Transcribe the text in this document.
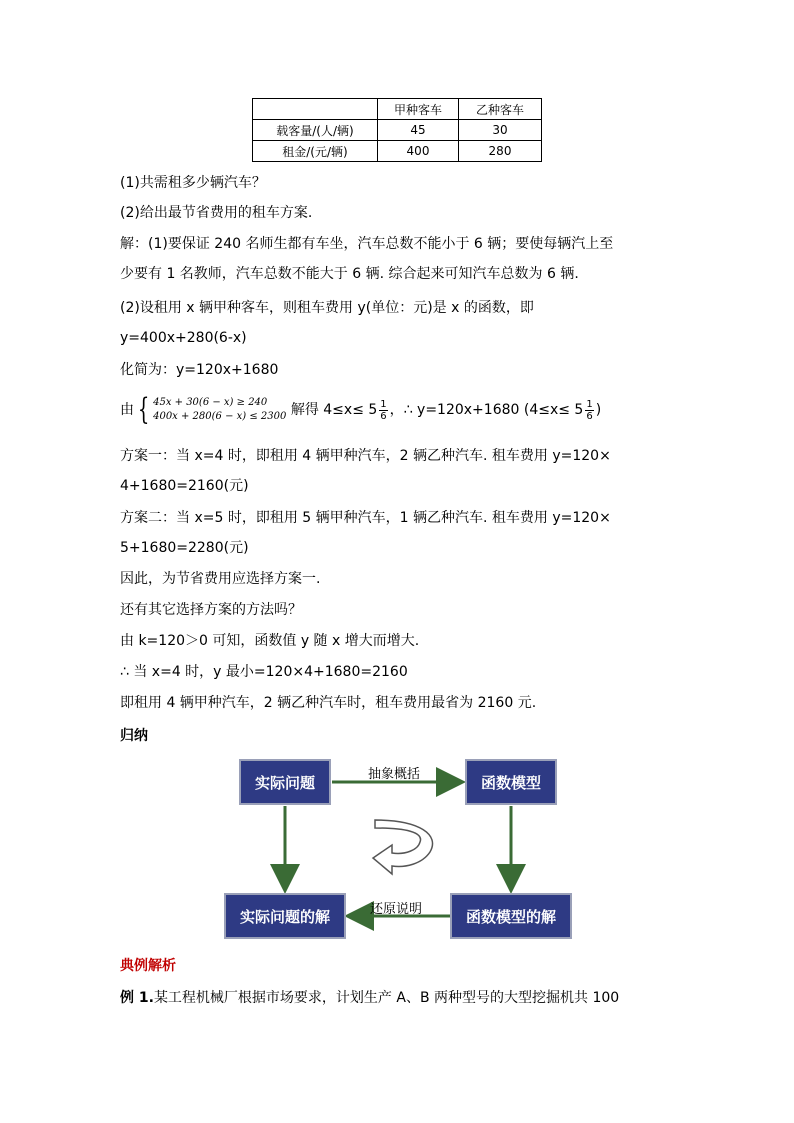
	甲种客车	乙种客车
载客量/(人/辆)	45	30
租金/(元/辆)	400	280
(1)共需租多少辆汽车？
(2)给出最节省费用的租车方案.
解：(1)要保证 240 名师生都有车坐，汽车总数不能小于 6 辆；要使每辆汽上至
少要有 1 名教师，汽车总数不能大于 6 辆. 综合起来可知汽车总数为 6 辆.
(2)设租用 x 辆甲种客车，则租车费用 y(单位：元)是 x 的函数，即
y=400x+280(6-x)
化简为：y=120x+1680
由 { 45x + 30(6 − x) ≥ 240
400x + 280(6 − x) ≤ 2300 解得 $4\le x\le 5 \frac{1}{6}$ ，∴ y=120x+1680 ($4\le x\le 5 \frac{1}{6}$ )
方案一：当 x=4 时，即租用 4 辆甲种汽车，2 辆乙种汽车. 租车费用 y=120×
4+1680=2160(元)
方案二：当 x=5 时，即租用 5 辆甲种汽车，1 辆乙种汽车. 租车费用 y=120×
5+1680=2280(元)
因此，为节省费用应选择方案一.
还有其它选择方案的方法吗？
由 k=120＞0 可知，函数值 y 随 x 增大而增大.
∴ 当 x=4 时，y 最小=120×4+1680=2160
即租用 4 辆甲种汽车，2 辆乙种汽车时，租车费用最省为 2160 元.
归纳
实际问题	函数模型
实际问题的解	函数模型的解
抽象概括
还原说明
典例解析
例 1.某工程机械厂根据市场要求，计划生产 A、B 两种型号的大型挖掘机共 100
